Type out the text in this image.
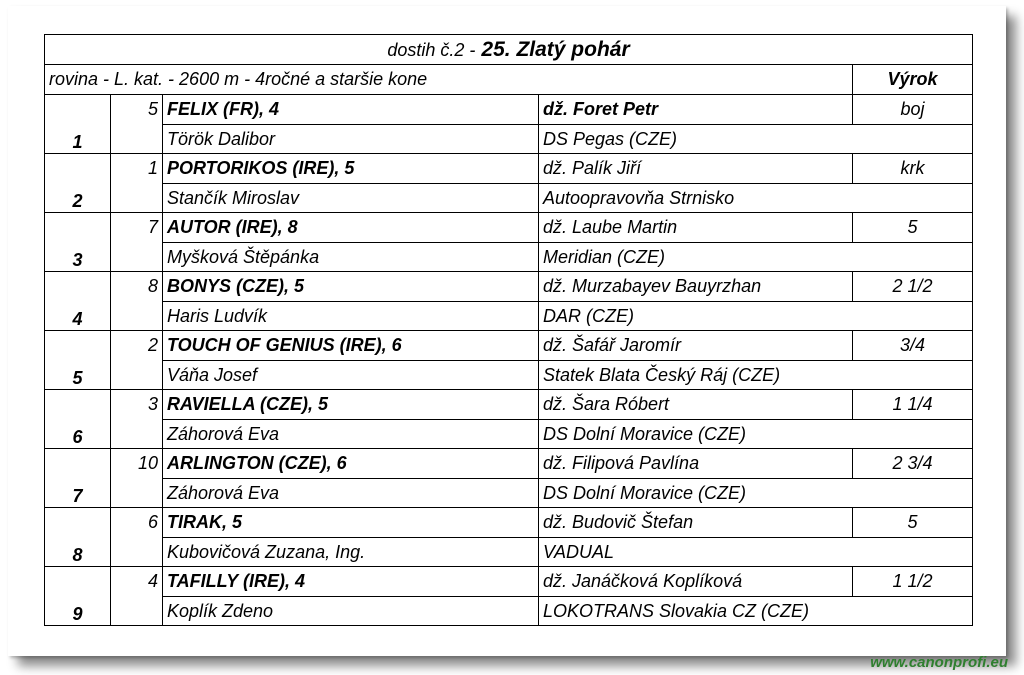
dostih č.2 - 25. Zlatý pohár				
rovina - L. kat. - 2600 m - 4ročné a staršie kone				Výrok
1	5	FELIX (FR), 4	dž. Foret Petr	boj
		Török Dalibor	DS Pegas (CZE)	
2	1	PORTORIKOS (IRE), 5	dž. Palík Jiří	krk
		Stančík Miroslav	Autoopravovňa Strnisko	
3	7	AUTOR (IRE), 8	dž. Laube Martin	5
		Myšková Štěpánka	Meridian (CZE)	
4	8	BONYS (CZE), 5	dž. Murzabayev Bauyrzhan	2 1/2
		Haris Ludvík	DAR (CZE)	
5	2	TOUCH OF GENIUS (IRE), 6	dž. Šafář Jaromír	3/4
		Váňa Josef	Statek Blata Český Ráj (CZE)	
6	3	RAVIELLA (CZE), 5	dž. Šara Róbert	1 1/4
		Záhorová Eva	DS Dolní Moravice (CZE)	
7	10	ARLINGTON (CZE), 6	dž. Filipová Pavlína	2 3/4
		Záhorová Eva	DS Dolní Moravice (CZE)	
8	6	TIRAK, 5	dž. Budovič Štefan	5
		Kubovičová Zuzana, Ing.	VADUAL	
9	4	TAFILLY (IRE), 4	dž. Janáčková Koplíková	1 1/2
		Koplík Zdeno	LOKOTRANS Slovakia CZ (CZE)	
www.canonprofi.eu
